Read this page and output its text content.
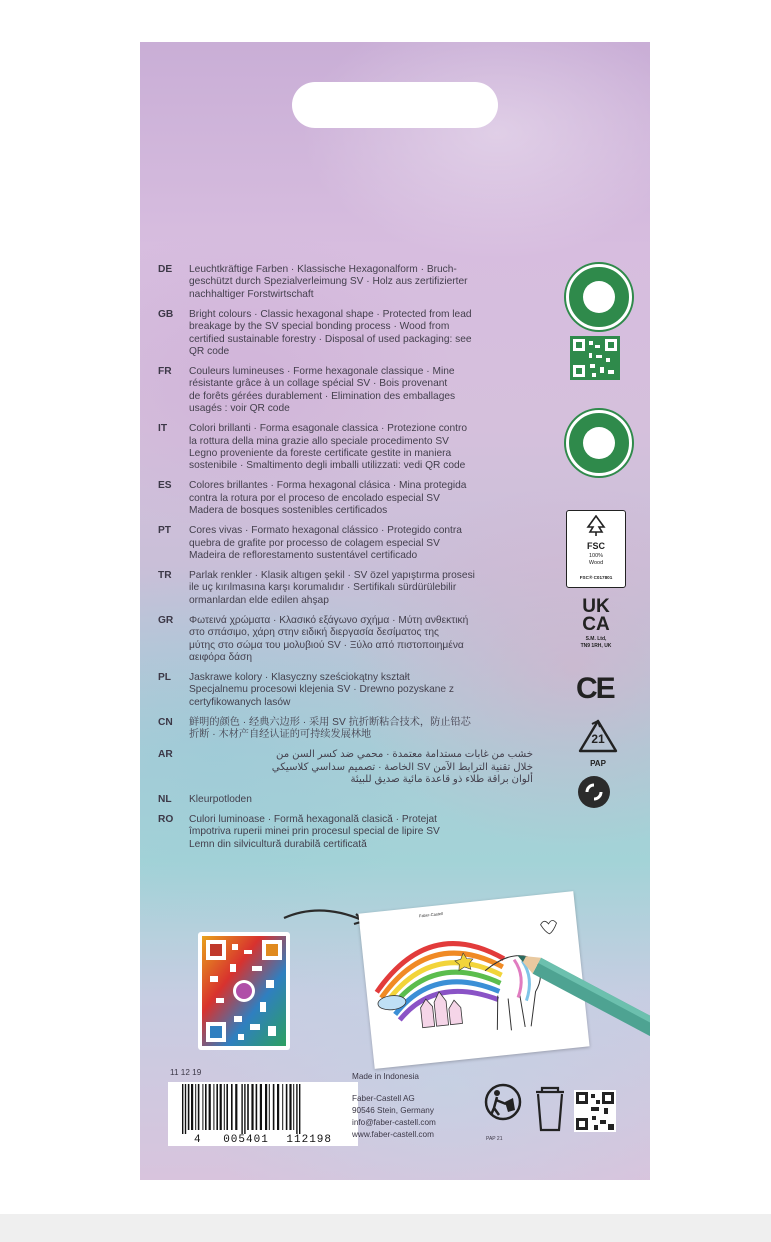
DE	Leuchtkräftige Farben · Klassische Hexagonalform · Bruch-
geschützt durch Spezialverleimung SV · Holz aus zertifizierter
nachhaltiger Forstwirtschaft
GB	Bright colours · Classic hexagonal shape · Protected from lead
breakage by the SV special bonding process · Wood from
certified sustainable forestry · Disposal of used packaging: see
QR code
FR	Couleurs lumineuses · Forme hexagonale classique · Mine
résistante grâce à un collage spécial SV · Bois provenant
de forêts gérées durablement · Elimination des emballages
usagés : voir QR code
IT	Colori brillanti · Forma esagonale classica · Protezione contro
la rottura della mina grazie allo speciale procedimento SV
Legno proveniente da foreste certificate gestite in maniera
sostenibile · Smaltimento degli imballi utilizzati: vedi QR code
ES	Colores brillantes · Forma hexagonal clásica · Mina protegida
contra la rotura por el proceso de encolado especial SV
Madera de bosques sostenibles certificados
PT	Cores vivas · Formato hexagonal clássico · Protegido contra
quebra de grafite por processo de colagem especial SV
Madeira de reflorestamento sustentável certificado
TR	Parlak renkler · Klasik altıgen şekil · SV özel yapıştırma prosesi
ile uç kırılmasına karşı korumalıdır · Sertifikalı sürdürülebilir
ormanlardan elde edilen ahşap
GR	Φωτεινά χρώματα · Κλασικό εξάγωνο σχήμα · Μύτη ανθεκτική
στο σπάσιμο, χάρη στην ειδική διεργασία δεσίματος της
μύτης στο σώμα του μολυβιού SV · Ξύλο από πιστοποιημένα
αειφόρα δάση
PL	Jaskrawe kolory · Klasyczny sześciokątny kształt
Specjalnemu procesowi klejenia SV · Drewno pozyskane z
certyfikowanych lasów
CN	鲜明的颜色 · 经典六边形 · 采用 SV 抗折断粘合技术，防止铅芯
折断 · 木材产自经认证的可持续发展林地
AR	خشب من غابات مستدامة معتمدة · محمي ضد كسر السن من
خلال تقنية الترابط الآمن SV الخاصة · تصميم سداسي كلاسيكي
ألوان براقة طلاء ذو قاعدة مائية صديق للبيئة
NL	Kleurpotloden
RO	Culori luminoase · Formă hexagonală clasică · Protejat
împotriva ruperii minei prin procesul special de lipire SV
Lemn din silvicultură durabilă certificată
FSC
100%
Wood
FSC® C017801
UK
CA
S.M. Ltd,
TN9 1RH, UK
CE
21
PAP
Faber-Castell
11 12 19
4 005401 112198
Made in Indonesia
Faber-Castell AG
90546 Stein, Germany
info@faber-castell.com
www.faber-castell.com	PAP 21
